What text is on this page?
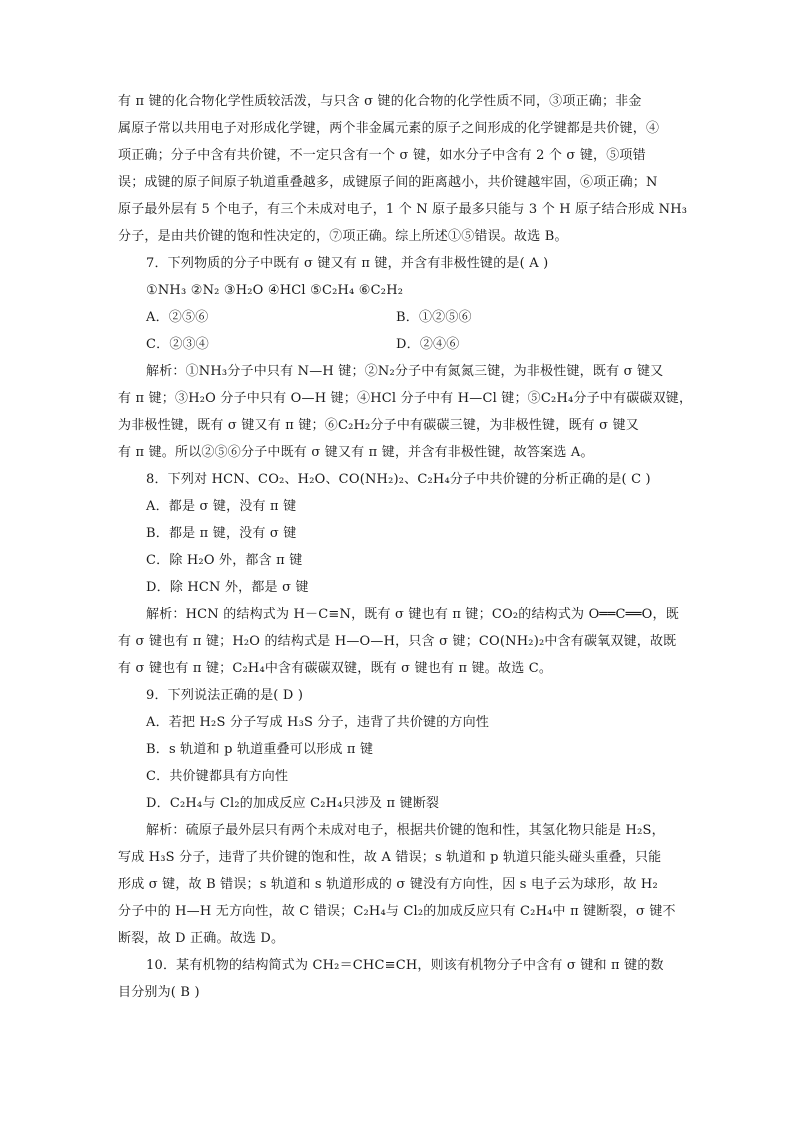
有 π 键的化合物化学性质较活泼，与只含 σ 键的化合物的化学性质不同，③项正确；非金
属原子常以共用电子对形成化学键，两个非金属元素的原子之间形成的化学键都是共价键，④
项正确；分子中含有共价键，不一定只含有一个 σ 键，如水分子中含有 2 个 σ 键，⑤项错
误；成键的原子间原子轨道重叠越多，成键原子间的距离越小，共价键越牢固，⑥项正确；N
原子最外层有 5 个电子，有三个未成对电子，1 个 N 原子最多只能与 3 个 H 原子结合形成 NH₃
分子，是由共价键的饱和性决定的，⑦项正确。综上所述①⑤错误。故选 B。
7．下列物质的分子中既有 σ 键又有 π 键，并含有非极性键的是( A )
①NH₃ ②N₂ ③H₂O ④HCl ⑤C₂H₄ ⑥C₂H₂
A．②⑤⑥	B．①②⑤⑥
C．②③④	D．②④⑥
解析：①NH₃分子中只有 N—H 键；②N₂分子中有氮氮三键，为非极性键，既有 σ 键又
有 π 键；③H₂O 分子中只有 O—H 键；④HCl 分子中有 H—Cl 键；⑤C₂H₄分子中有碳碳双键，
为非极性键，既有 σ 键又有 π 键；⑥C₂H₂分子中有碳碳三键，为非极性键，既有 σ 键又
有 π 键。所以②⑤⑥分子中既有 σ 键又有 π 键，并含有非极性键，故答案选 A。
8．下列对 HCN、CO₂、H₂O、CO(NH₂)₂、C₂H₄分子中共价键的分析正确的是( C )
A．都是 σ 键，没有 π 键
B．都是 π 键，没有 σ 键
C．除 H₂O 外，都含 π 键
D．除 HCN 外，都是 σ 键
解析：HCN 的结构式为 H－C≡N，既有 σ 键也有 π 键；CO₂的结构式为 O══C══O，既
有 σ 键也有 π 键；H₂O 的结构式是 H—O—H，只含 σ 键；CO(NH₂)₂中含有碳氧双键，故既
有 σ 键也有 π 键；C₂H₄中含有碳碳双键，既有 σ 键也有 π 键。故选 C。
9．下列说法正确的是( D )
A．若把 H₂S 分子写成 H₃S 分子，违背了共价键的方向性
B．s 轨道和 p 轨道重叠可以形成 π 键
C．共价键都具有方向性
D．C₂H₄与 Cl₂的加成反应 C₂H₄只涉及 π 键断裂
解析：硫原子最外层只有两个未成对电子，根据共价键的饱和性，其氢化物只能是 H₂S，
写成 H₃S 分子，违背了共价键的饱和性，故 A 错误；s 轨道和 p 轨道只能头碰头重叠，只能
形成 σ 键，故 B 错误；s 轨道和 s 轨道形成的 σ 键没有方向性，因 s 电子云为球形，故 H₂
分子中的 H—H 无方向性，故 C 错误；C₂H₄与 Cl₂的加成反应只有 C₂H₄中 π 键断裂，σ 键不
断裂，故 D 正确。故选 D。
10．某有机物的结构简式为 CH₂＝CHC≡CH，则该有机物分子中含有 σ 键和 π 键的数
目分别为( B )
